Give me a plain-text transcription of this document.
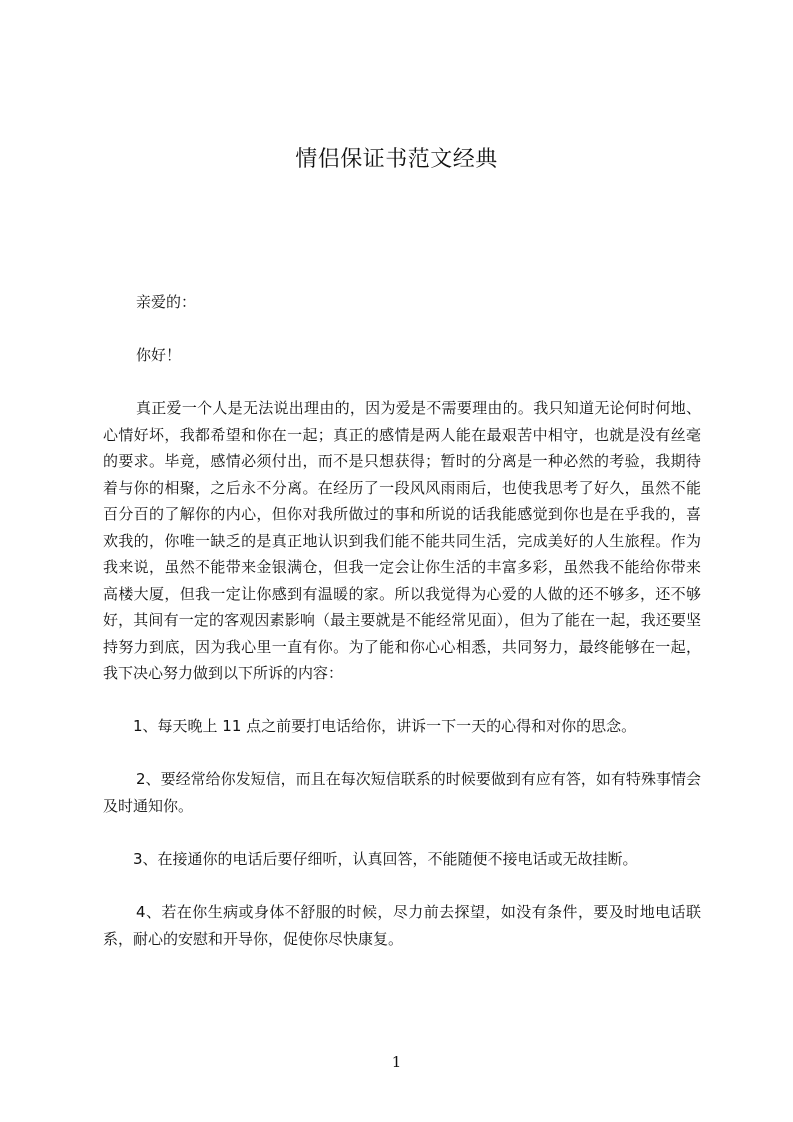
情侣保证书范文经典

亲爱的：

你好！

真正爱一个人是无法说出理由的，因为爱是不需要理由的。我只知道无论何时何地、心情好坏，我都希望和你在一起；真正的感情是两人能在最艰苦中相守，也就是没有丝毫的要求。毕竟，感情必须付出，而不是只想获得；暂时的分离是一种必然的考验，我期待着与你的相聚，之后永不分离。在经历了一段风风雨雨后，也使我思考了好久，虽然不能百分百的了解你的内心，但你对我所做过的事和所说的话我能感觉到你也是在乎我的，喜欢我的，你唯一缺乏的是真正地认识到我们能不能共同生活，完成美好的人生旅程。作为我来说，虽然不能带来金银满仓，但我一定会让你生活的丰富多彩，虽然我不能给你带来高楼大厦，但我一定让你感到有温暖的家。所以我觉得为心爱的人做的还不够多，还不够好，其间有一定的客观因素影响（最主要就是不能经常见面），但为了能在一起，我还要坚持努力到底，因为我心里一直有你。为了能和你心心相悉，共同努力，最终能够在一起，我下决心努力做到以下所诉的内容：

1、每天晚上 11 点之前要打电话给你，讲诉一下一天的心得和对你的思念。

2、要经常给你发短信，而且在每次短信联系的时候要做到有应有答，如有特殊事情会及时通知你。

3、在接通你的电话后要仔细听，认真回答，不能随便不接电话或无故挂断。

4、若在你生病或身体不舒服的时候，尽力前去探望，如没有条件，要及时地电话联系，耐心的安慰和开导你，促使你尽快康复。

1
